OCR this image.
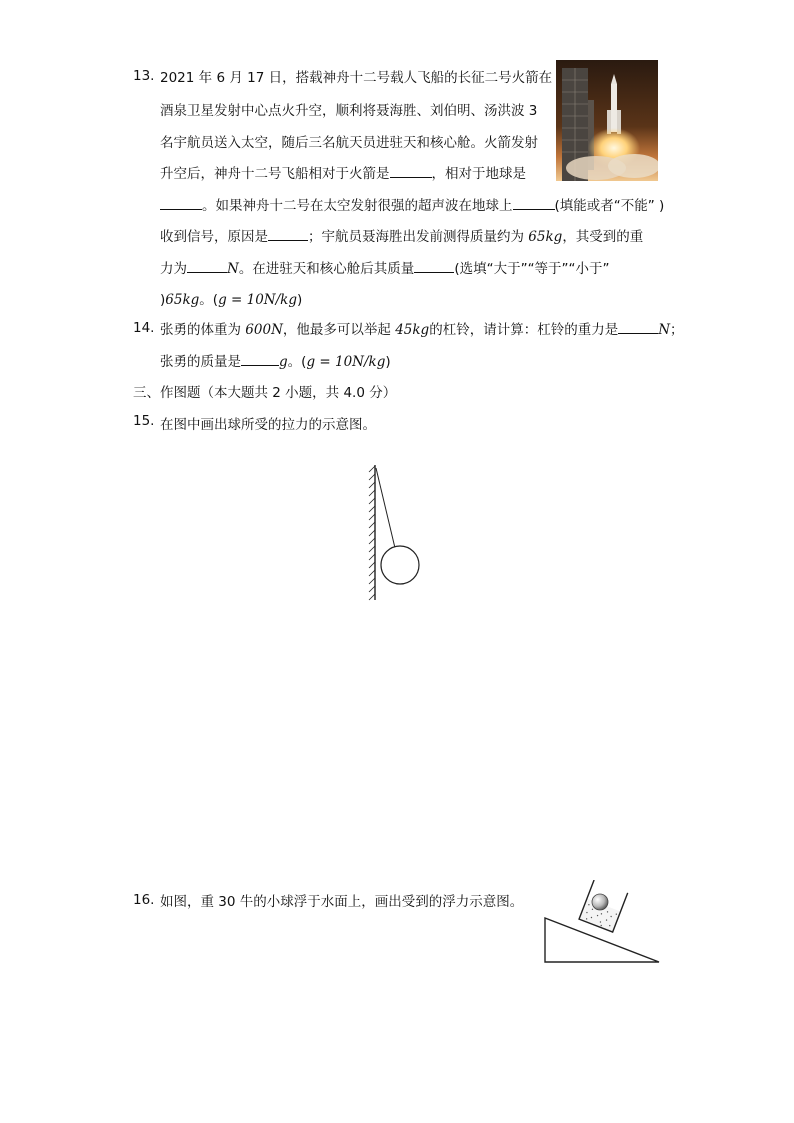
13. 2021 年 6 月 17 日，搭载神舟十二号载人飞船的长征二号火箭在
酒泉卫星发射中心点火升空，顺利将聂海胜、刘伯明、汤洪波 3
名宇航员送入太空，随后三名航天员进驻天和核心舱。火箭发射
升空后，神舟十二号飞船相对于火箭是	，相对于地球是
。如果神舟十二号在太空发射很强的超声波在地球上	(填能或者“不能” )
收到信号，原因是	；宇航员聂海胜出发前测得质量约为 65kg，其受到的重
力为	N。在进驻天和核心舱后其质量	(选填“大于”“等于”“小于”
)65kg。(g = 10N/kg)
14. 张勇的体重为 600N，他最多可以举起 45kg的杠铃，请计算：杠铃的重力是	N；
张勇的质量是	g。(g = 10N/kg)
三、作图题（本大题共 2 小题，共 4.0 分）
15. 在图中画出球所受的拉力的示意图。
16. 如图，重 30 牛的小球浮于水面上，画出受到的浮力示意图。
